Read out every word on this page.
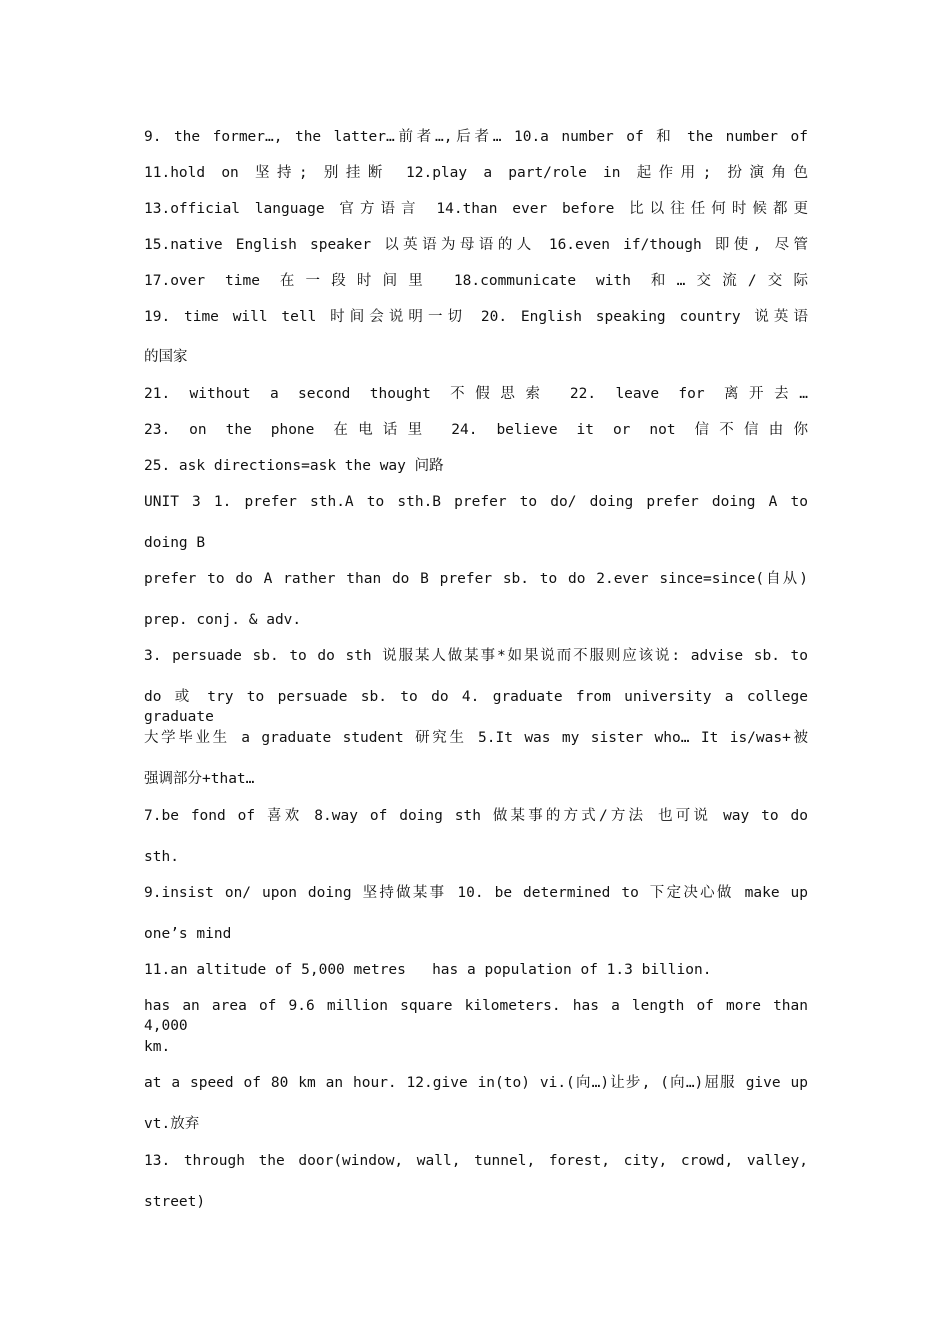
9. the former…, the latter…前者…,后者… 10.a number of 和 the number of
11.hold on 坚持; 别挂断 12.play a part/role in 起作用; 扮演角色
13.official language 官方语言 14.than ever before 比以往任何时候都更
15.native English speaker 以英语为母语的人 16.even if/though 即使, 尽管
17.over time 在一段时间里 18.communicate with 和…交流/交际
19. time will tell 时间会说明一切 20. English speaking country 说英语
的国家
21. without a second thought 不假思索 22. leave for 离开去…
23. on the phone 在电话里 24. believe it or not 信不信由你
25. ask directions=ask the way 问路
UNIT 3 1. prefer sth.A to sth.B prefer to do/ doing prefer doing A to
doing B
prefer to do A rather than do B prefer sb. to do 2.ever since=since(自从)
prep. conj. & adv.
3. persuade sb. to do sth 说服某人做某事*如果说而不服则应该说: advise sb. to
do 或 try to persuade sb. to do 4. graduate from university a college graduate
大学毕业生 a graduate student 研究生 5.It was my sister who… It is/was+被
强调部分+that…
7.be fond of 喜欢 8.way of doing sth 做某事的方式/方法 也可说 way to do
sth.
9.insist on/ upon doing 坚持做某事 10. be determined to 下定决心做 make up
one’s mind
11.an altitude of 5,000 metres   has a population of 1.3 billion.
has an area of 9.6 million square kilometers. has a length of more than 4,000
km.
at a speed of 80 km an hour. 12.give in(to) vi.(向…)让步, (向…)屈服 give up
vt.放弃
13. through the door(window, wall, tunnel, forest, city, crowd, valley,
street)
